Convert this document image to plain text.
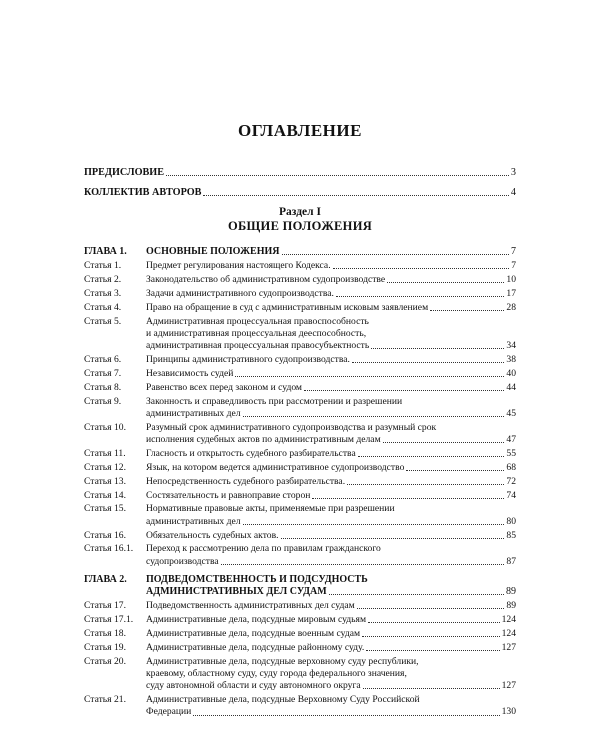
ОГЛАВЛЕНИЕ
ПРЕДИСЛОВИЕ	3
КОЛЛЕКТИВ АВТОРОВ	4
Раздел I
ОБЩИЕ ПОЛОЖЕНИЯ
ГЛАВА 1.	ОСНОВНЫЕ ПОЛОЖЕНИЯ	7
Статья 1.	Предмет регулирования настоящего Кодекса.	7
Статья 2.	Законодательство об административном судопроизводстве	10
Статья 3.	Задачи административного судопроизводства.	17
Статья 4.	Право на обращение в суд с административным исковым заявлением	28
Статья 5.	Административная процессуальная правоспособность
и административная процессуальная дееспособность,
административная процессуальная правосубъектность	34
Статья 6.	Принципы административного судопроизводства.	38
Статья 7.	Независимость судей	40
Статья 8.	Равенство всех перед законом и судом	44
Статья 9.	Законность и справедливость при рассмотрении и разрешении
административных дел	45
Статья 10.	Разумный срок административного судопроизводства и разумный срок
исполнения судебных актов по административным делам	47
Статья 11.	Гласность и открытость судебного разбирательства	55
Статья 12.	Язык, на котором ведется административное судопроизводство	68
Статья 13.	Непосредственность судебного разбирательства.	72
Статья 14.	Состязательность и равноправие сторон	74
Статья 15.	Нормативные правовые акты, применяемые при разрешении
административных дел	80
Статья 16.	Обязательность судебных актов.	85
Статья 16.1.	Переход к рассмотрению дела по правилам гражданского
судопроизводства	87
ГЛАВА 2.	ПОДВЕДОМСТВЕННОСТЬ И ПОДСУДНОСТЬ
АДМИНИСТРАТИВНЫХ ДЕЛ СУДАМ	89
Статья 17.	Подведомственность административных дел судам	89
Статья 17.1.	Административные дела, подсудные мировым судьям	124
Статья 18.	Административные дела, подсудные военным судам	124
Статья 19.	Административные дела, подсудные районному суду.	127
Статья 20.	Административные дела, подсудные верховному суду республики,
краевому, областному суду, суду города федерального значения,
суду автономной области и суду автономного округа	127
Статья 21.	Административные дела, подсудные Верховному Суду Российской
Федерации	130
